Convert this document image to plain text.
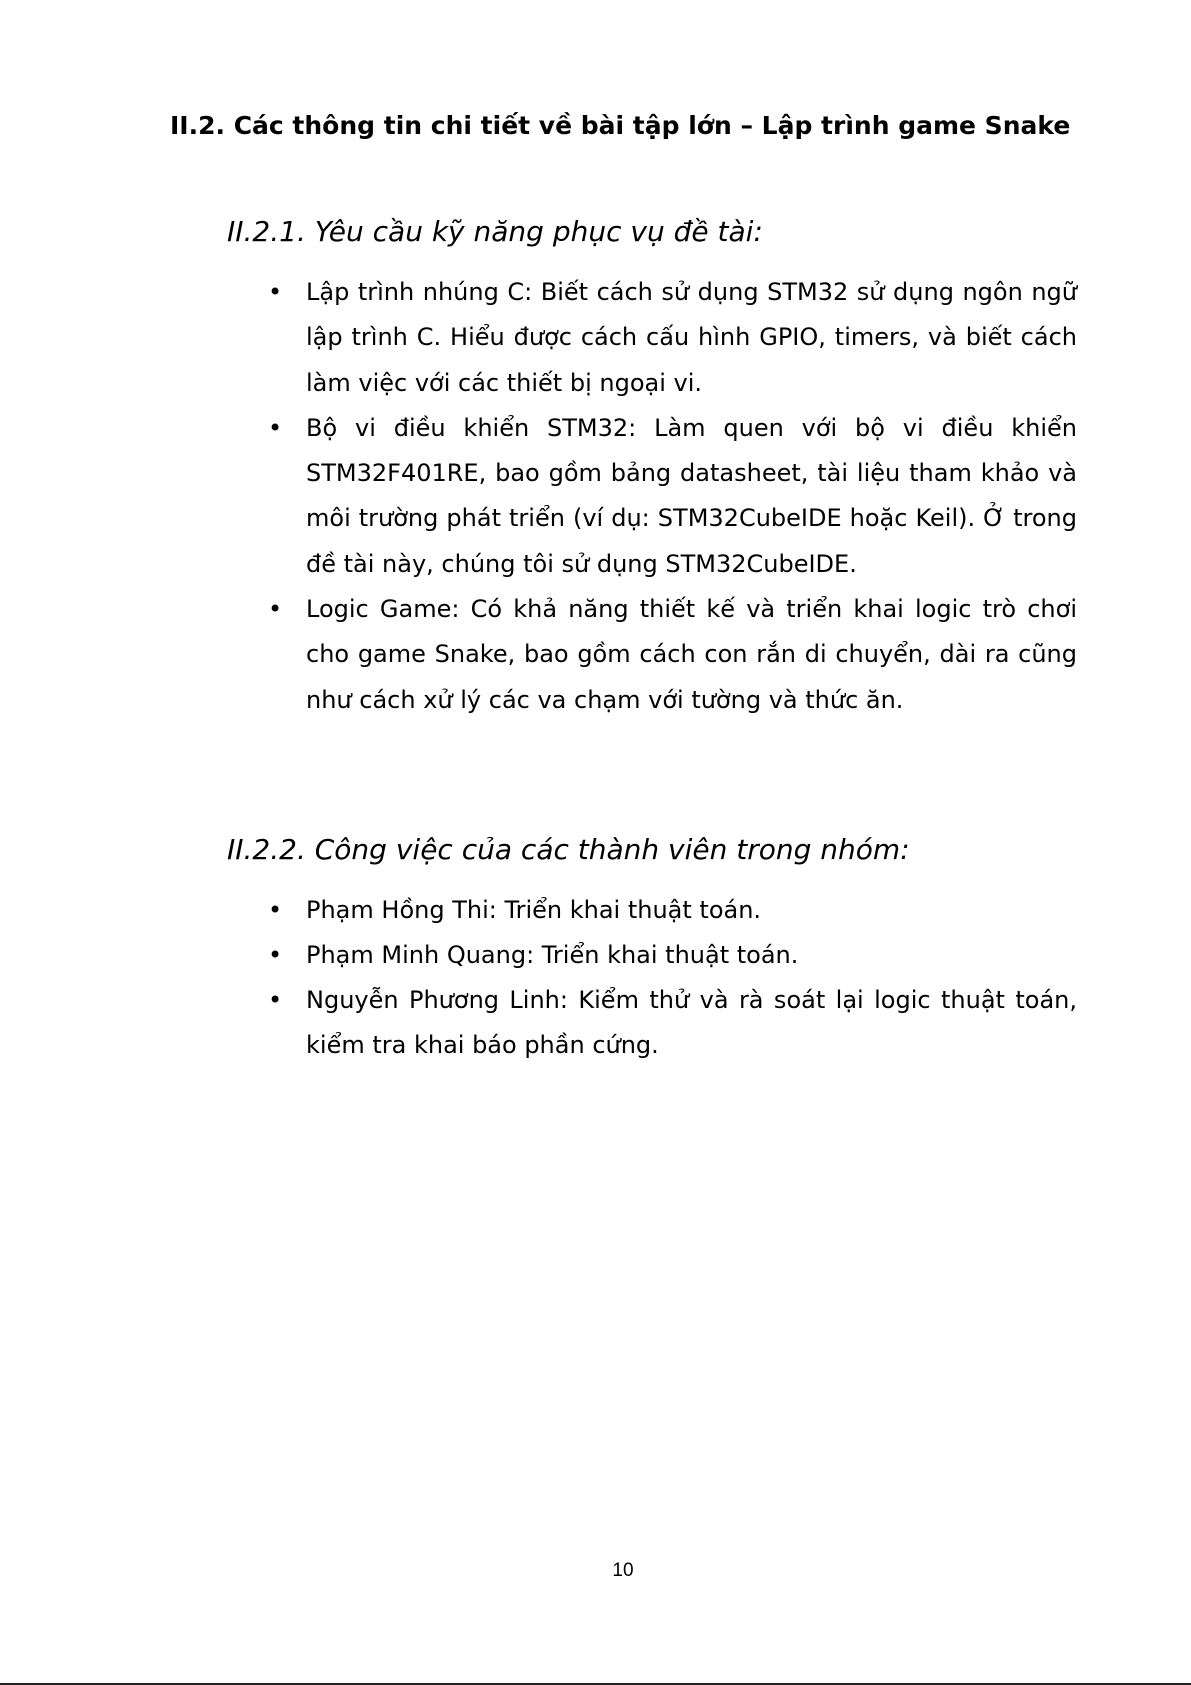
II.2. Các thông tin chi tiết về bài tập lớn – Lập trình game Snake
II.2.1. Yêu cầu kỹ năng phục vụ đề tài:
• Lập trình nhúng C: Biết cách sử dụng STM32 sử dụng ngôn ngữ lập trình C. Hiểu được cách cấu hình GPIO, timers, và biết cách làm việc với các thiết bị ngoại vi.
• Bộ vi điều khiển STM32: Làm quen với bộ vi điều khiển STM32F401RE, bao gồm bảng datasheet, tài liệu tham khảo và môi trường phát triển (ví dụ: STM32CubeIDE hoặc Keil). Ở trong đề tài này, chúng tôi sử dụng STM32CubeIDE.
• Logic Game: Có khả năng thiết kế và triển khai logic trò chơi cho game Snake, bao gồm cách con rắn di chuyển, dài ra cũng như cách xử lý các va chạm với tường và thức ăn.
II.2.2. Công việc của các thành viên trong nhóm:
• Phạm Hồng Thi: Triển khai thuật toán.
• Phạm Minh Quang: Triển khai thuật toán.
• Nguyễn Phương Linh: Kiểm thử và rà soát lại logic thuật toán, kiểm tra khai báo phần cứng.
10
